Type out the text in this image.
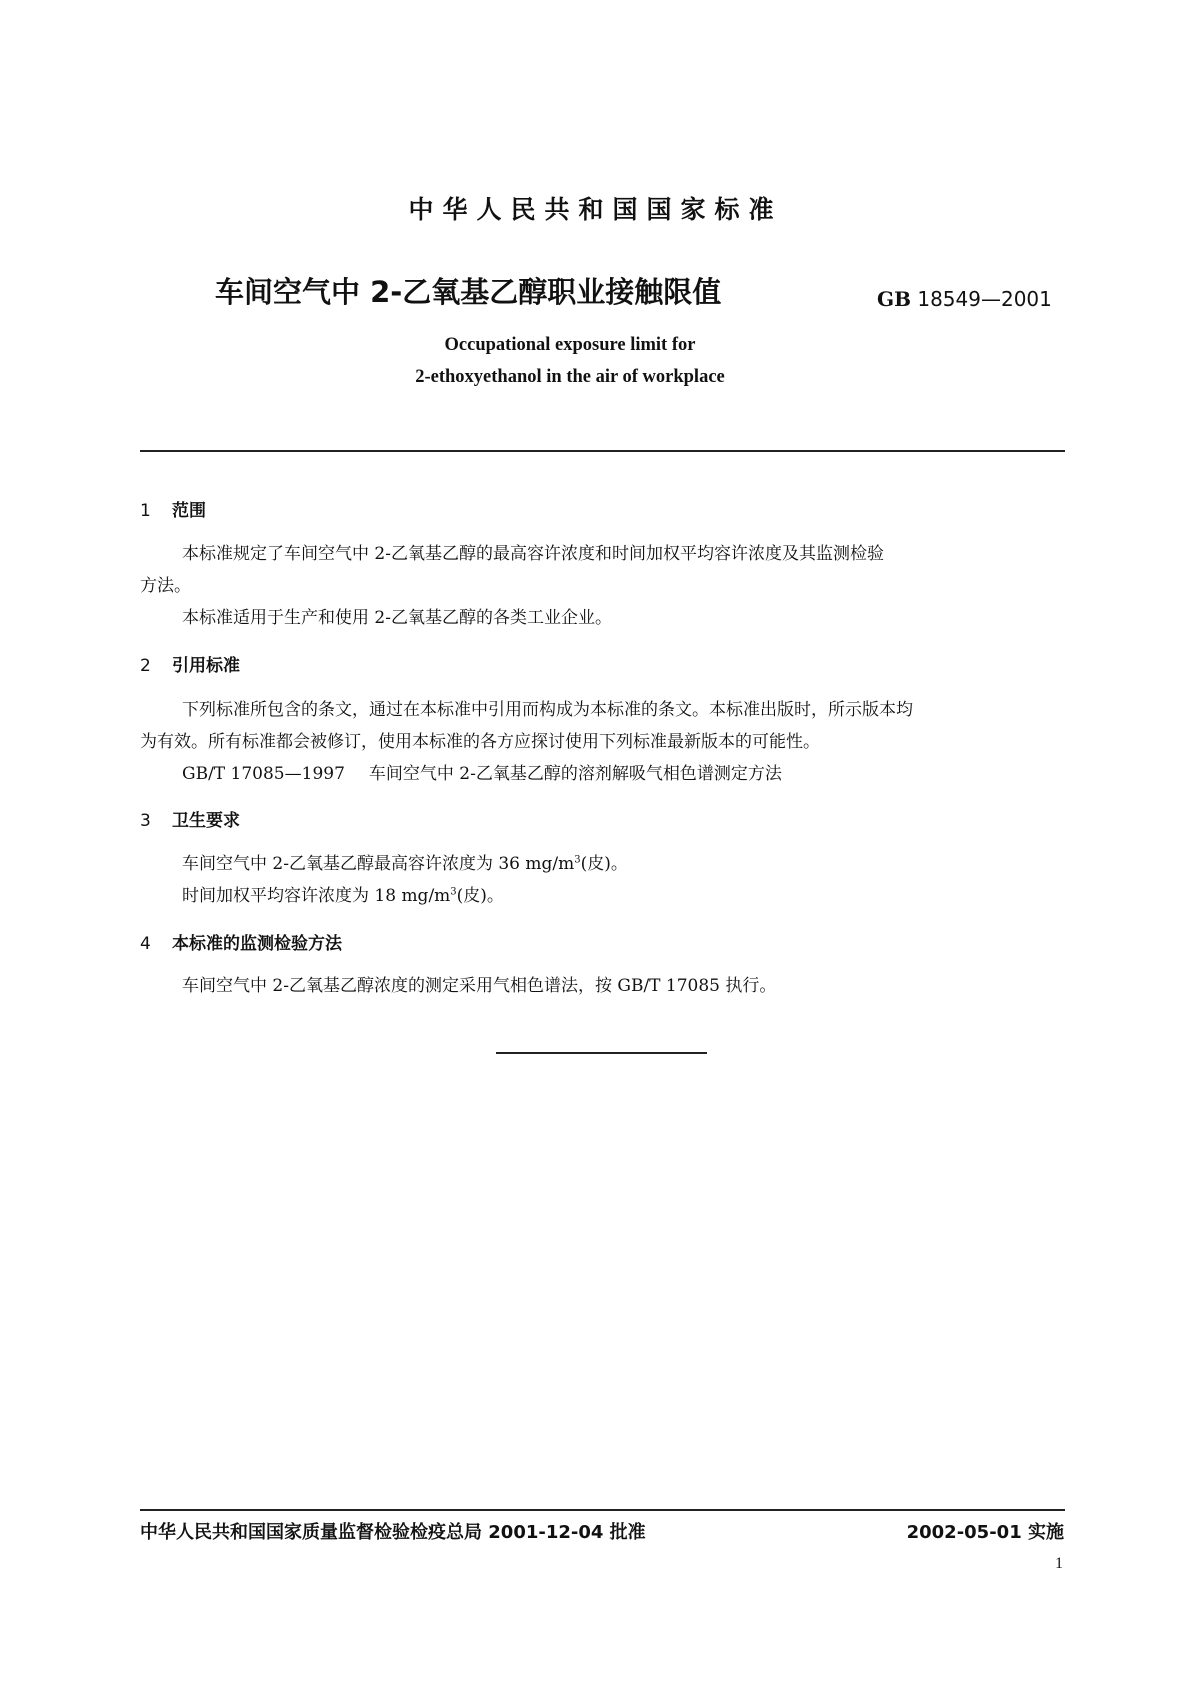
中华人民共和国国家标准
车间空气中 2-乙氧基乙醇职业接触限值	GB 18549—2001
Occupational exposure limit for
2-ethoxyethanol in the air of workplace
1 范围
本标准规定了车间空气中 2-乙氧基乙醇的最高容许浓度和时间加权平均容许浓度及其监测检验
方法。
本标准适用于生产和使用 2-乙氧基乙醇的各类工业企业。
2 引用标准
下列标准所包含的条文，通过在本标准中引用而构成为本标准的条文。本标准出版时，所示版本均
为有效。所有标准都会被修订，使用本标准的各方应探讨使用下列标准最新版本的可能性。
GB/T 17085—1997 车间空气中 2-乙氧基乙醇的溶剂解吸气相色谱测定方法
3 卫生要求
车间空气中 2-乙氧基乙醇最高容许浓度为 36 $mg/m^3$(皮)。
时间加权平均容许浓度为 18 $mg/m^3$(皮)。
4 本标准的监测检验方法
车间空气中 2-乙氧基乙醇浓度的测定采用气相色谱法，按 GB/T 17085 执行。
中华人民共和国国家质量监督检验检疫总局 2001-12-04 批准	2002-05-01 实施
1
